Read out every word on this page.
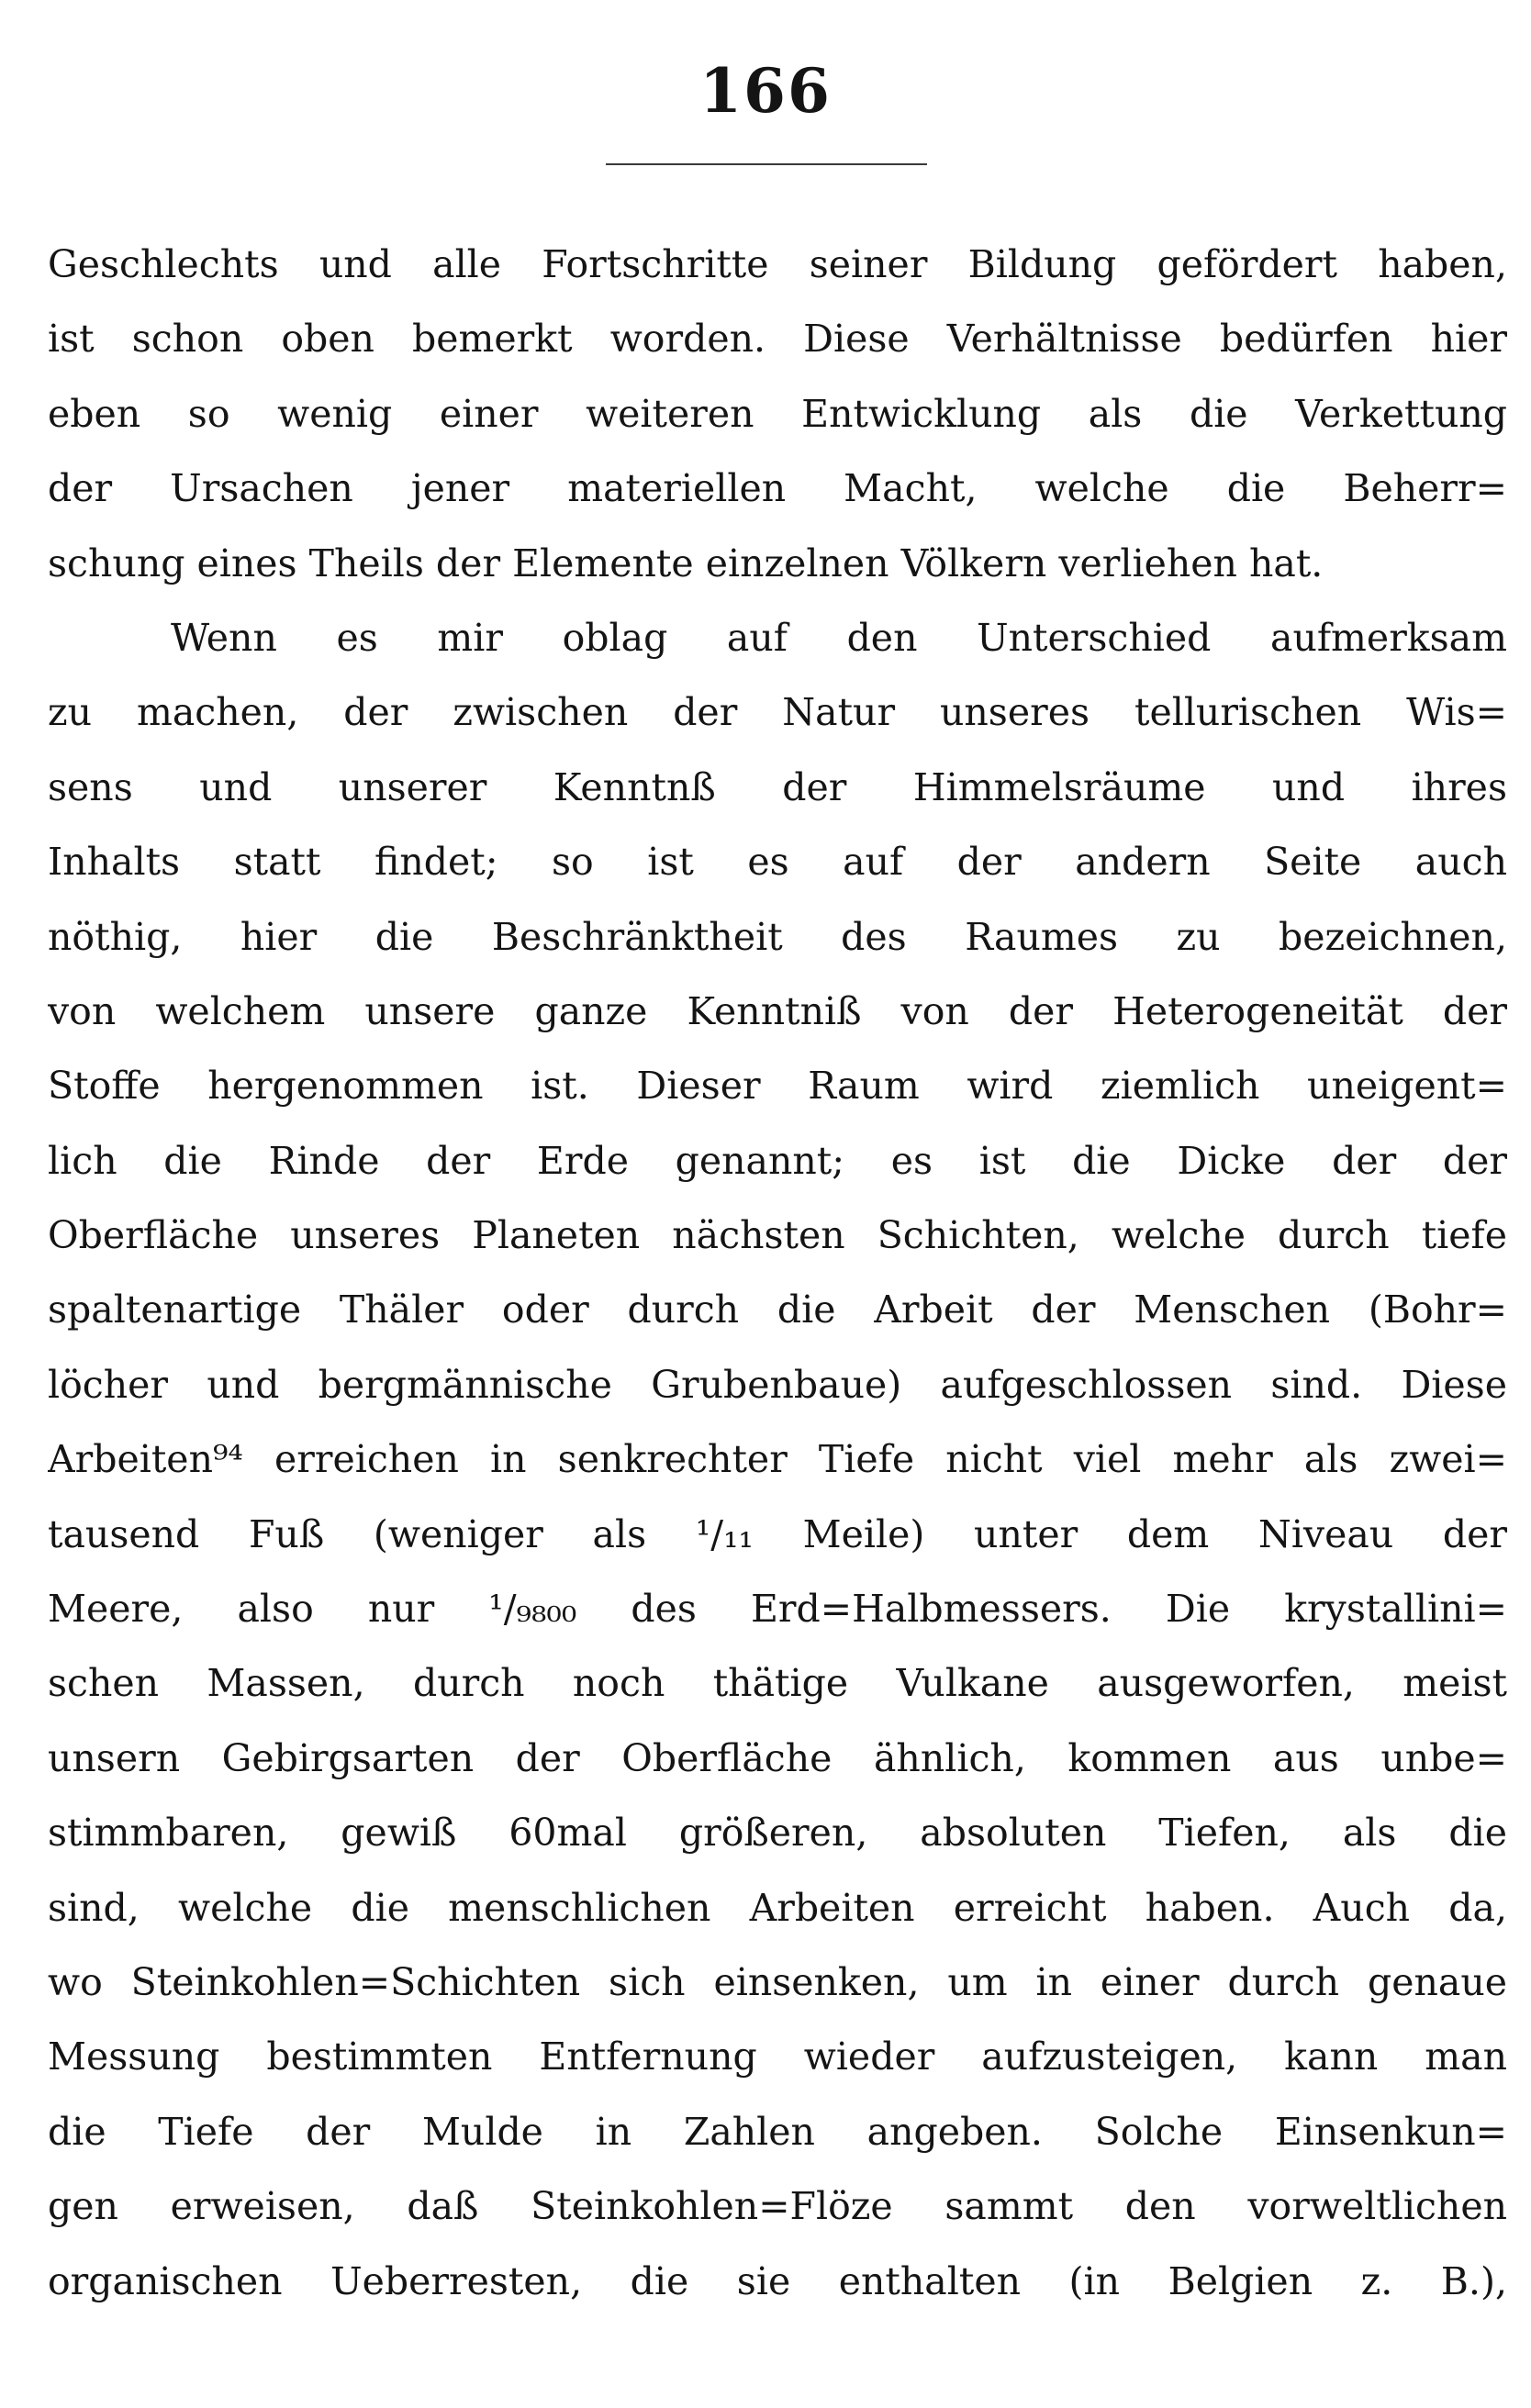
166
Geschlechts und alle Fortschritte seiner Bildung gefördert haben,
ist schon oben bemerkt worden. Diese Verhältnisse bedürfen hier
eben so wenig einer weiteren Entwicklung als die Verkettung
der Ursachen jener materiellen Macht, welche die Beherr=
schung eines Theils der Elemente einzelnen Völkern verliehen hat.
Wenn es mir oblag auf den Unterschied aufmerksam
zu machen, der zwischen der Natur unseres tellurischen Wis=
sens und unserer Kenntnß der Himmelsräume und ihres
Inhalts statt findet; so ist es auf der andern Seite auch
nöthig, hier die Beschränktheit des Raumes zu bezeichnen,
von welchem unsere ganze Kenntniß von der Heterogeneität der
Stoffe hergenommen ist. Dieser Raum wird ziemlich uneigent=
lich die Rinde der Erde genannt; es ist die Dicke der der
Oberfläche unseres Planeten nächsten Schichten, welche durch tiefe
spaltenartige Thäler oder durch die Arbeit der Menschen (Bohr=
löcher und bergmännische Grubenbaue) aufgeschlossen sind. Diese
Arbeiten⁹⁴ erreichen in senkrechter Tiefe nicht viel mehr als zwei=
tausend Fuß (weniger als ¹/₁₁ Meile) unter dem Niveau der
Meere, also nur ¹/₉₈₀₀ des Erd=Halbmessers. Die krystallini=
schen Massen, durch noch thätige Vulkane ausgeworfen, meist
unsern Gebirgsarten der Oberfläche ähnlich, kommen aus unbe=
stimmbaren, gewiß 60mal größeren, absoluten Tiefen, als die
sind, welche die menschlichen Arbeiten erreicht haben. Auch da,
wo Steinkohlen=Schichten sich einsenken, um in einer durch genaue
Messung bestimmten Entfernung wieder aufzusteigen, kann man
die Tiefe der Mulde in Zahlen angeben. Solche Einsenkun=
gen erweisen, daß Steinkohlen=Flöze sammt den vorweltlichen
organischen Ueberresten, die sie enthalten (in Belgien z. B.),
